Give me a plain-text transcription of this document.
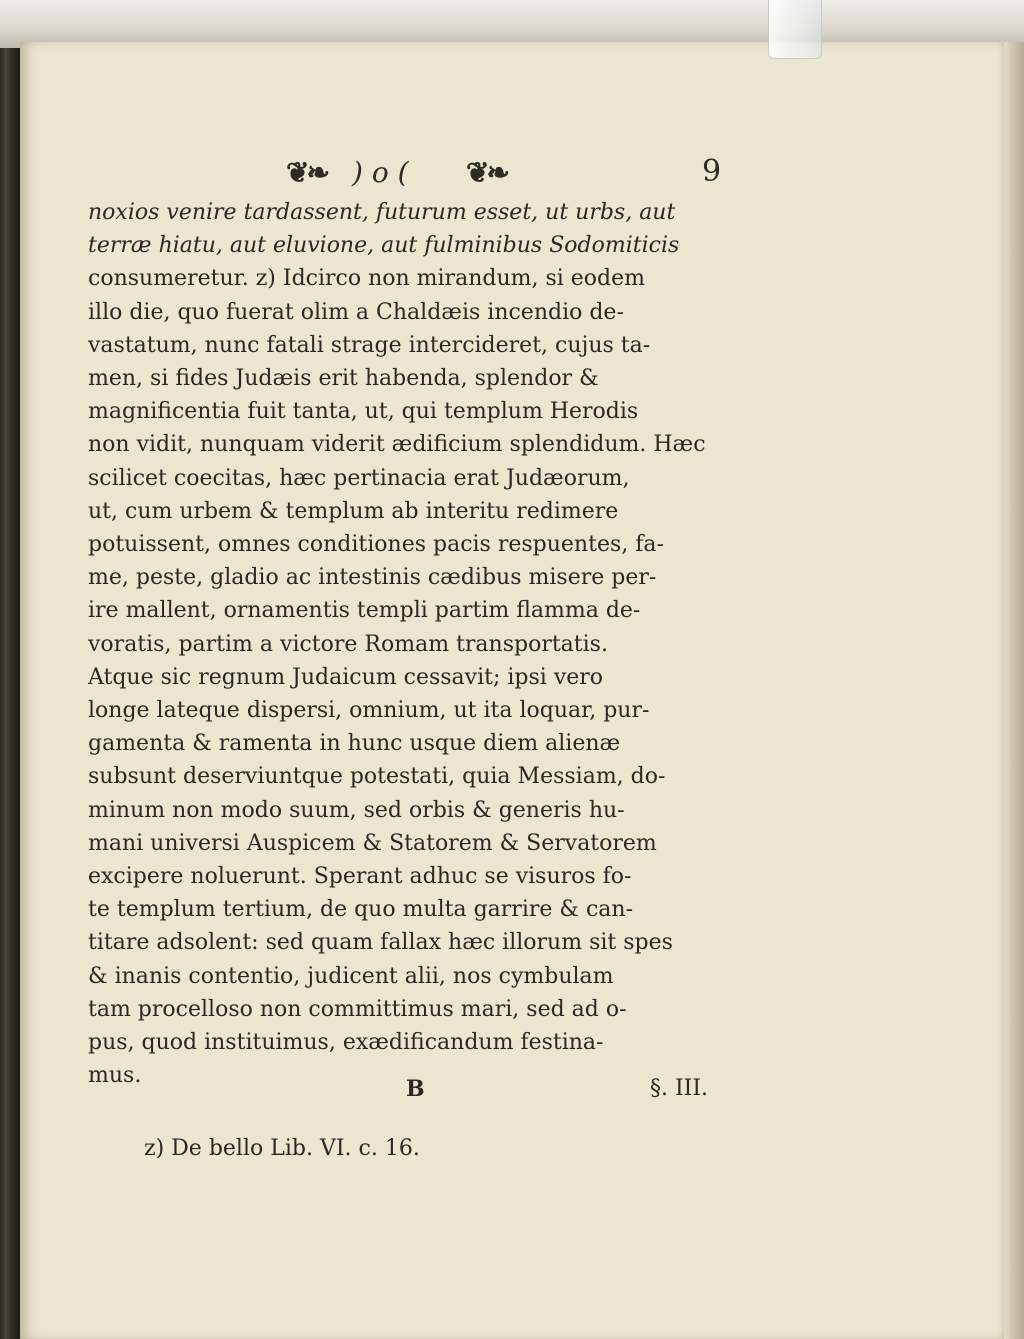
❦❧ ) o ( ❦❧	9
noxios venire tardassent, futurum esset, ut urbs, aut
terræ hiatu, aut eluvione, aut fulminibus Sodomiticis
consumeretur. z) Idcirco non mirandum, si eodem
illo die, quo fuerat olim a Chaldæis incendio de-
vastatum, nunc fatali strage intercideret, cujus ta-
men, si fides Judæis erit habenda, splendor &
magnificentia fuit tanta, ut, qui templum Herodis
non vidit, nunquam viderit ædificium splendidum. Hæc
scilicet coecitas, hæc pertinacia erat Judæorum,
ut, cum urbem & templum ab interitu redimere
potuissent, omnes conditiones pacis respuentes, fa-
me, peste, gladio ac intestinis cædibus misere per-
ire mallent, ornamentis templi partim flamma de-
voratis, partim a victore Romam transportatis.
Atque sic regnum Judaicum cessavit; ipsi vero
longe lateque dispersi, omnium, ut ita loquar, pur-
gamenta & ramenta in hunc usque diem alienæ
subsunt deserviuntque potestati, quia Messiam, do-
minum non modo suum, sed orbis & generis hu-
mani universi Auspicem & Statorem & Servatorem
excipere noluerunt. Sperant adhuc se visuros fo-
te templum tertium, de quo multa garrire & can-
titare adsolent: sed quam fallax hæc illorum sit spes
& inanis contentio, judicent alii, nos cymbulam
tam procelloso non committimus mari, sed ad o-
pus, quod instituimus, exædificandum festina-
mus.
B	§. III.
z) De bello Lib. VI. c. 16.
